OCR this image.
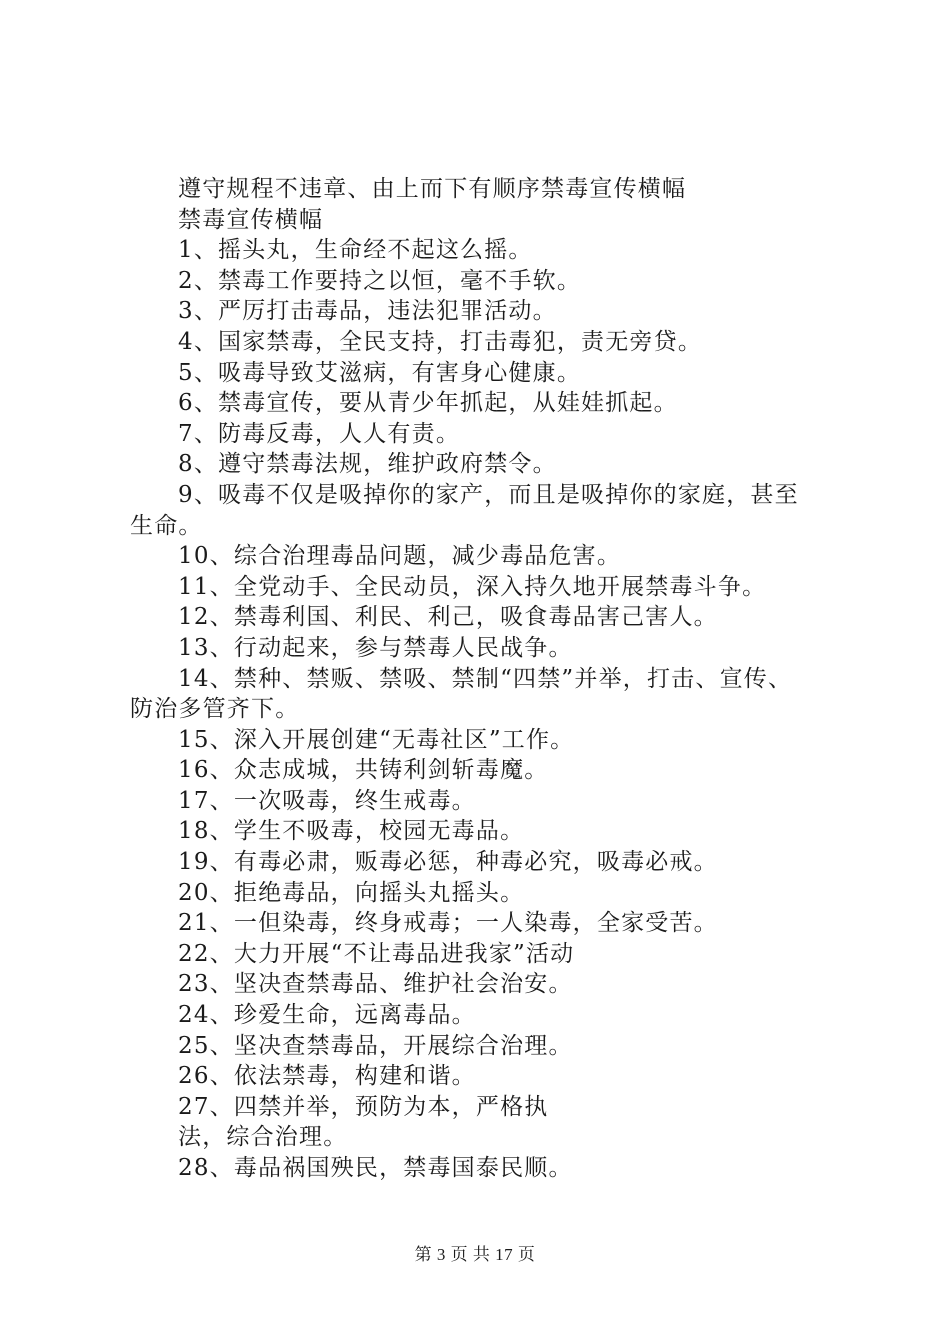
遵守规程不违章、由上而下有顺序禁毒宣传横幅
禁毒宣传横幅
1、摇头丸，生命经不起这么摇。
2、禁毒工作要持之以恒，毫不手软。
3、严厉打击毒品，违法犯罪活动。
4、国家禁毒，全民支持，打击毒犯，责无旁贷。
5、吸毒导致艾滋病，有害身心健康。
6、禁毒宣传，要从青少年抓起，从娃娃抓起。
7、防毒反毒，人人有责。
8、遵守禁毒法规，维护政府禁令。
9、吸毒不仅是吸掉你的家产，而且是吸掉你的家庭，甚至
生命。
10、综合治理毒品问题，减少毒品危害。
11、全党动手、全民动员，深入持久地开展禁毒斗争。
12、禁毒利国、利民、利己，吸食毒品害己害人。
13、行动起来，参与禁毒人民战争。
14、禁种、禁贩、禁吸、禁制“四禁”并举，打击、宣传、
防治多管齐下。
15、深入开展创建“无毒社区”工作。
16、众志成城，共铸利剑斩毒魔。
17、一次吸毒，终生戒毒。
18、学生不吸毒，校园无毒品。
19、有毒必肃，贩毒必惩，种毒必究，吸毒必戒。
20、拒绝毒品，向摇头丸摇头。
21、一但染毒，终身戒毒；一人染毒，全家受苦。
22、大力开展“不让毒品进我家”活动
23、坚决查禁毒品、维护社会治安。
24、珍爱生命，远离毒品。
25、坚决查禁毒品，开展综合治理。
26、依法禁毒，构建和谐。
27、四禁并举，预防为本，严格执
法，综合治理。
28、毒品祸国殃民，禁毒国泰民顺。
第 3 页 共 17 页
